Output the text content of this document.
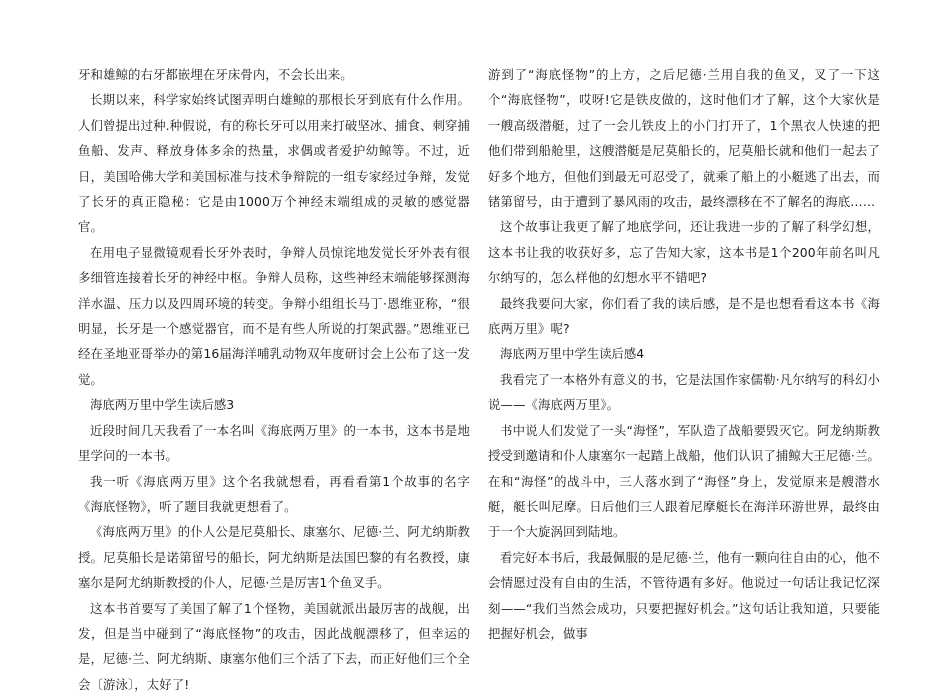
牙和雄鲸的右牙都嵌埋在牙床骨内，不会长出来。

长期以来，科学家始终试图弄明白雄鲸的那根长牙到底有什么作用。人们曾提出过种.种假说，有的称长牙可以用来打破坚冰、捕食、刺穿捕鱼船、发声、释放身体多余的热量，求偶或者爱护幼鲸等。不过，近日，美国哈佛大学和美国标准与技术争辩院的一组专家经过争辩，发觉了长牙的真正隐秘：它是由1000万个神经末端组成的灵敏的感觉器官。

在用电子显微镜观看长牙外表时，争辩人员惊诧地发觉长牙外表有很多细管连接着长牙的神经中枢。争辩人员称，这些神经末端能够探测海洋水温、压力以及四周环境的转变。争辩小组组长马丁·恩维亚称，“很明显，长牙是一个感觉器官，而不是有些人所说的打架武器。”恩维亚已经在圣地亚哥举办的第16届海洋哺乳动物双年度研讨会上公布了这一发觉。

海底两万里中学生读后感3

近段时间几天我看了一本名叫《海底两万里》的一本书，这本书是地里学问的一本书。

我一听《海底两万里》这个名我就想看，再看看第1个故事的名字《海底怪物》，听了题目我就更想看了。

《海底两万里》的仆人公是尼莫船长、康塞尔、尼德·兰、阿尤纳斯教授。尼莫船长是诺第留号的船长，阿尤纳斯是法国巴黎的有名教授，康塞尔是阿尤纳斯教授的仆人，尼德·兰是厉害1个鱼叉手。

这本书首要写了美国了解了1个怪物，美国就派出最厉害的战舰，出发，但是当中碰到了“海底怪物”的攻击，因此战舰漂移了，但幸运的是，尼德·兰、阿尤纳斯、康塞尔他们三个活了下去，而正好他们三个全会〔游泳〕，太好了!

游到了“海底怪物”的上方，之后尼德·兰用自我的鱼叉，叉了一下这个“海底怪物”，哎呀!它是铁皮做的，这时他们才了解，这个大家伙是一艘高级潜艇，过了一会儿铁皮上的小门打开了，1个黑衣人快速的把他们带到船舱里，这艘潜艇是尼莫船长的，尼莫船长就和他们一起去了好多个地方，但他们到最无可忍受了，就乘了船上的小艇逃了出去，而锗第留号，由于遭到了暴风雨的攻击，最终漂移在不了解名的海底……

这个故事让我更了解了地底学问，还让我进一步的了解了科学幻想，这本书让我的收获好多，忘了告知大家，这本书是1个200年前名叫凡尔纳写的，怎么样他的幻想水平不错吧?

最终我要问大家，你们看了我的读后感，是不是也想看看这本书《海底两万里》呢?

海底两万里中学生读后感4

我看完了一本格外有意义的书，它是法国作家儒勒·凡尔纳写的科幻小说——《海底两万里》。

书中说人们发觉了一头“海怪”，军队造了战船要毁灭它。阿龙纳斯教授受到邀请和仆人康塞尔一起踏上战船，他们认识了捕鲸大王尼德·兰。在和“海怪”的战斗中，三人落水到了“海怪”身上，发觉原来是艘潜水艇，艇长叫尼摩。日后他们三人跟着尼摩艇长在海洋环游世界，最终由于一个大旋涡回到陆地。

看完好本书后，我最佩服的是尼德·兰，他有一颗向往自由的心，他不会情愿过没有自由的生活，不管待遇有多好。他说过一句话让我记忆深刻——“我们当然会成功，只要把握好机会。”这句话让我知道，只要能把握好机会，做事
